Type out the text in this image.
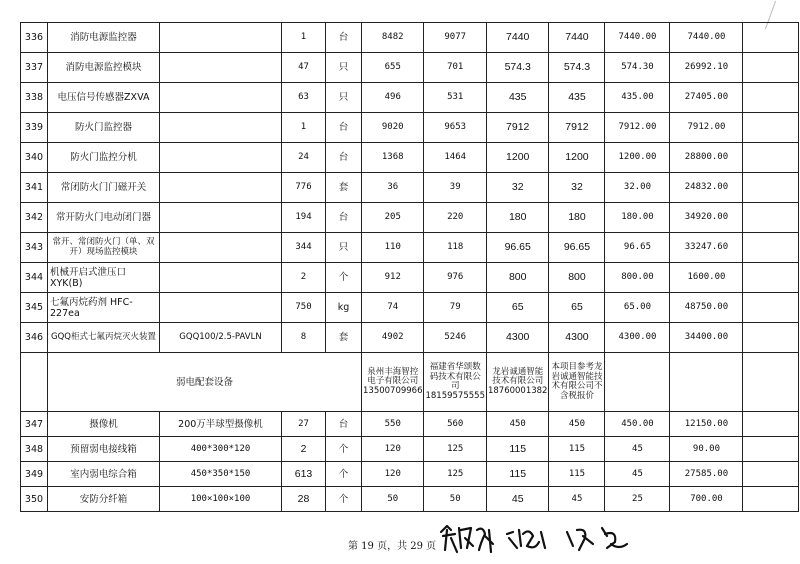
336	消防电源监控器		1	台	8482	9077	7440	7440	7440.00	7440.00	
337	消防电源监控模块		47	只	655	701	574.3	574.3	574.30	26992.10	
338	电压信号传感器ZXVA		63	只	496	531	435	435	435.00	27405.00	
339	防火门监控器		1	台	9020	9653	7912	7912	7912.00	7912.00	
340	防火门监控分机		24	台	1368	1464	1200	1200	1200.00	28800.00	
341	常闭防火门门磁开关		776	套	36	39	32	32	32.00	24832.00	
342	常开防火门电动闭门器		194	台	205	220	180	180	180.00	34920.00	
343	常开、常闭防火门（单、双开）现场监控模块		344	只	110	118	96.65	96.65	96.65	33247.60	
344	机械开启式泄压口XYK(B)		2	个	912	976	800	800	800.00	1600.00	
345	七氟丙烷药剂 HFC-227ea		750	kg	74	79	65	65	65.00	48750.00	
346	GQQ柜式七氟丙烷灭火装置	GQQ100/2.5-PAVLN	8	套	4902	5246	4300	4300	4300.00	34400.00	
	弱电配套设备				泉州丰海智控电子有限公司13500709966	福建省华颂数码技术有限公司18159575555	龙岩诚通智能技术有限公司18760001382	本项目参考龙岩诚通智能技术有限公司不含税报价			
347	摄像机	200万半球型摄像机	27	台	550	560	450	450	450.00	12150.00	
348	预留弱电接线箱	400*300*120	2	个	120	125	115	115	45	90.00	
349	室内弱电综合箱	450*350*150	613	个	120	125	115	115	45	27585.00	
350	安防分纤箱	100×100×100	28	个	50	50	45	45	25	700.00	
第 19 页，共 29 页
